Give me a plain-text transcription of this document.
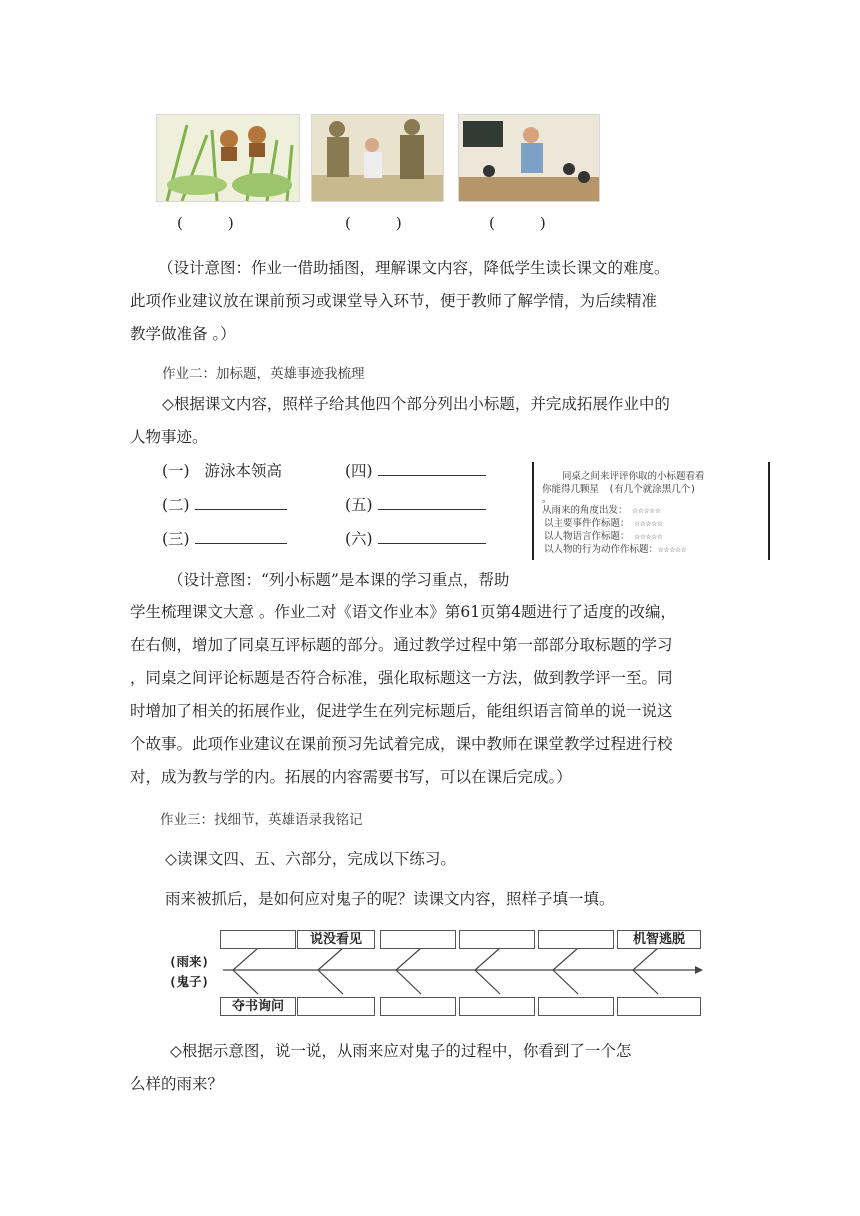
(　　　)	(　　　)	(　　　)
（设计意图：作业一借助插图，理解课文内容，降低学生读长课文的难度。
此项作业建议放在课前预习或课堂导入环节，便于教师了解学情，为后续精准
教学做准备 。）
作业二：加标题，英雄事迹我梳理
◇根据课文内容，照样子给其他四个部分列出小标题，并完成拓展作业中的
人物事迹。
(一) 游泳本领高	(四)
(二)	(五)
(三)	(六)
同桌之间来评评你取的小标题看看
你能得几颗星　(有几个就涂黑几个)
。
从雨来的角度出发：　☆☆☆☆☆
以主要事件作标题：　☆☆☆☆☆
以人物语言作标题：　☆☆☆☆☆
以人物的行为动作作标题：☆☆☆☆☆
（设计意图：“列小标题”是本课的学习重点，帮助
学生梳理课文大意 。作业二对《语文作业本》第61页第4题进行了适度的改编，
在右侧，增加了同桌互评标题的部分。通过教学过程中第一部部分取标题的学习
，同桌之间评论标题是否符合标准，强化取标题这一方法，做到教学评一至。同
时增加了相关的拓展作业，促进学生在列完标题后，能组织语言简单的说一说这
个故事。此项作业建议在课前预习先试着完成，课中教师在课堂教学过程进行校
对，成为教与学的内。拓展的内容需要书写，可以在课后完成。）
作业三：找细节，英雄语录我铭记
◇读课文四、五、六部分，完成以下练习。
雨来被抓后，是如何应对鬼子的呢？读课文内容，照样子填一填。
说没看见	机智逃脱
(雨来)
(鬼子)
夺书询问
◇根据示意图，说一说，从雨来应对鬼子的过程中，你看到了一个怎
么样的雨来？
